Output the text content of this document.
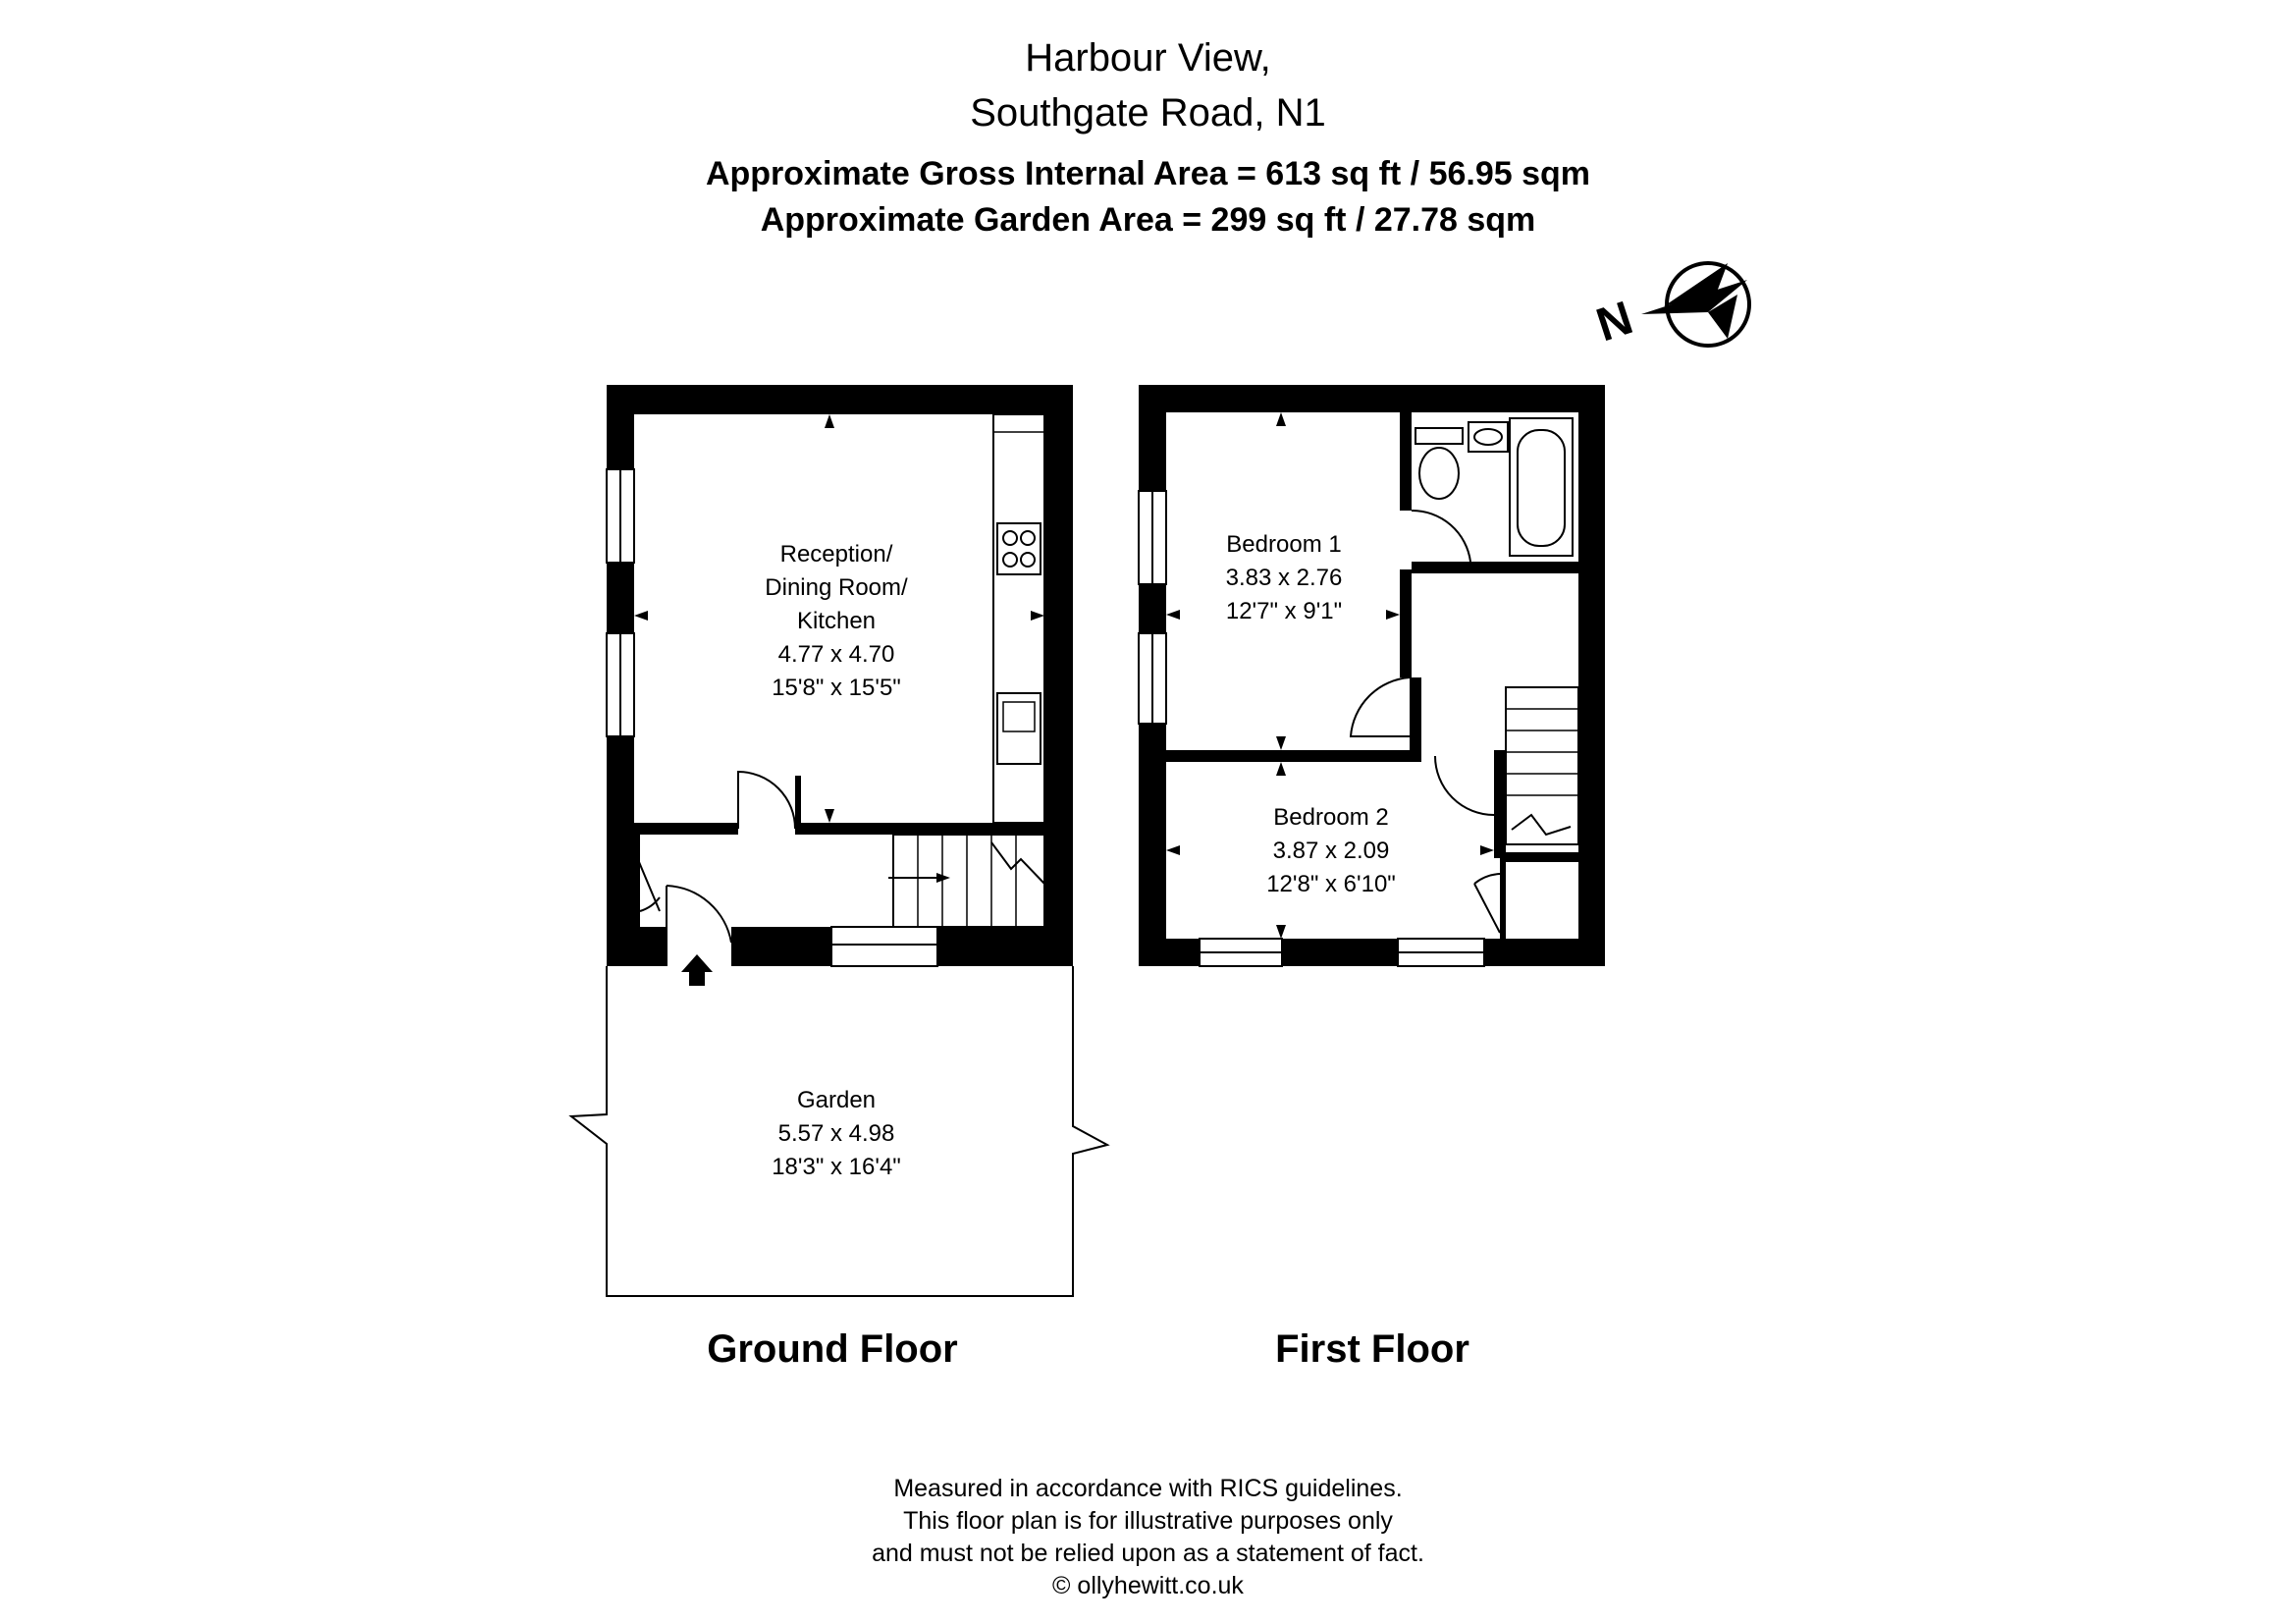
Harbour View,
Southgate Road, N1
Approximate Gross Internal Area = 613 sq ft / 56.95 sqm
Approximate Garden Area = 299 sq ft / 27.78 sqm
N
Reception/
Dining Room/
Kitchen
4.77 x 4.70
15'8" x 15'5"
Garden
5.57 x 4.98
18'3" x 16'4"
Bedroom 1
3.83 x 2.76
12'7" x 9'1"
Bedroom 2
3.87 x 2.09
12'8" x 6'10"
Ground Floor	First Floor
Measured in accordance with RICS guidelines.
This floor plan is for illustrative purposes only
and must not be relied upon as a statement of fact.
© ollyhewitt.co.uk
